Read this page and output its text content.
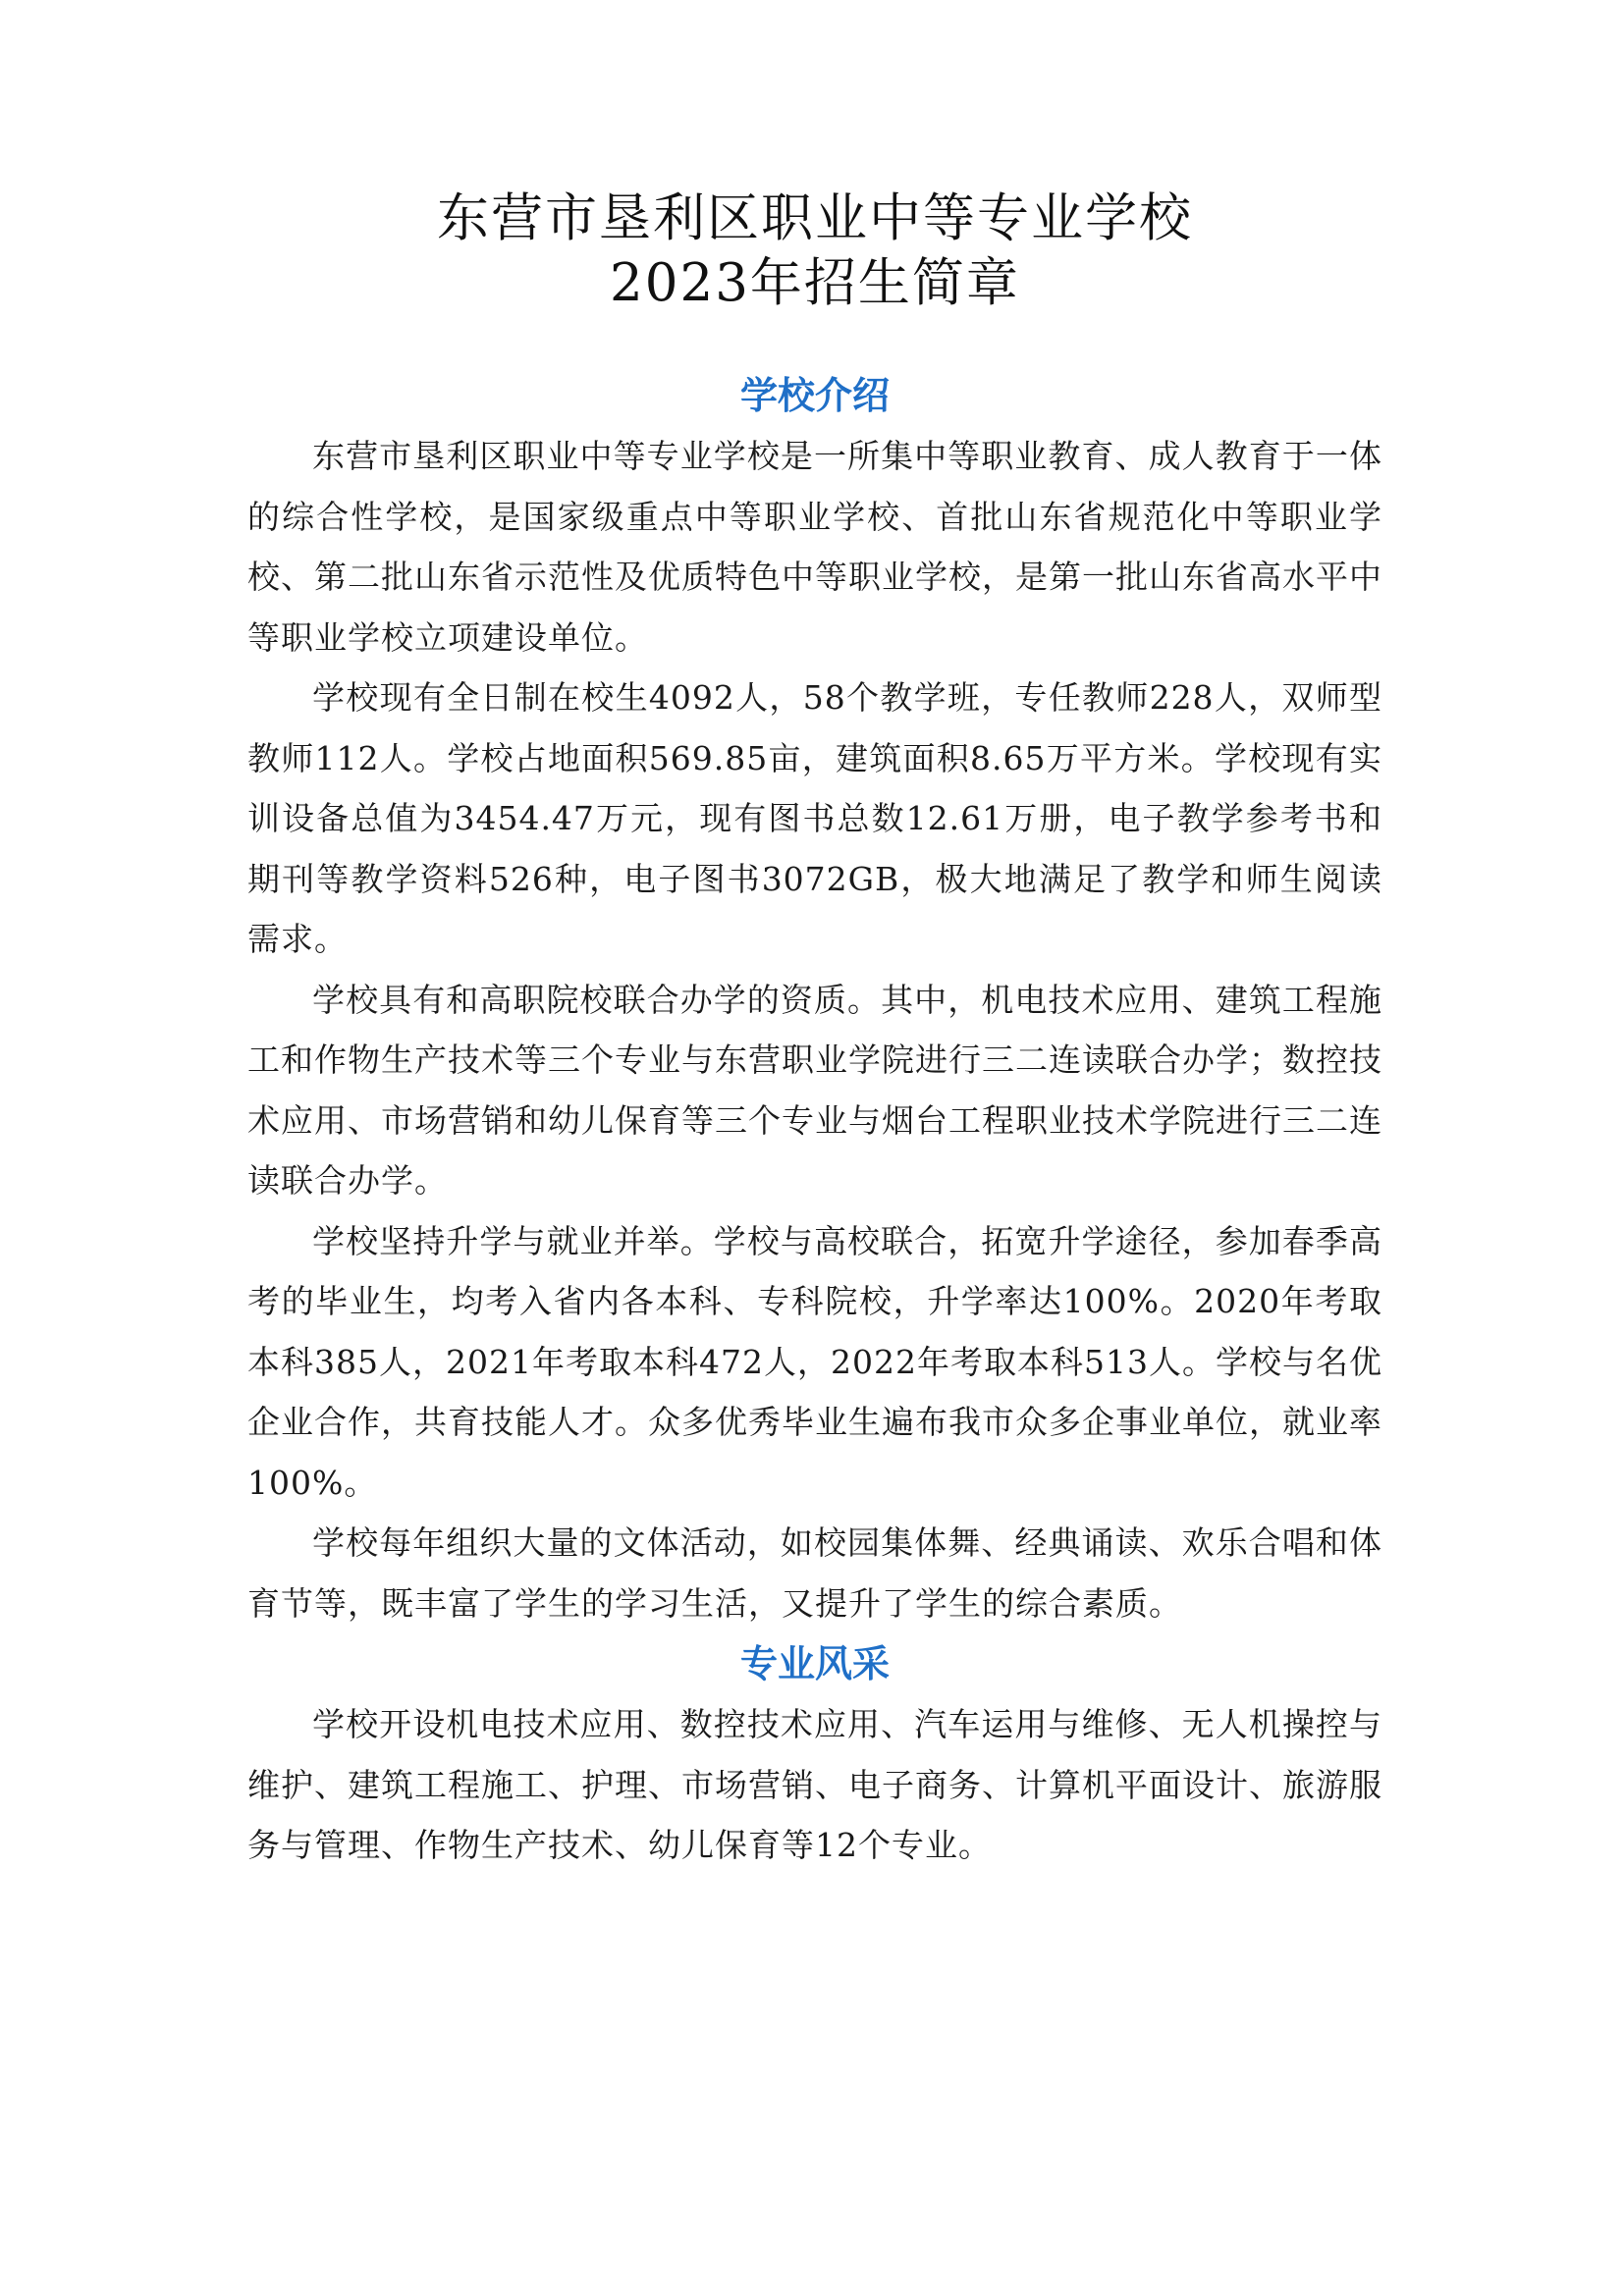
东营市垦利区职业中等专业学校
2023年招生简章
学校介绍

东营市垦利区职业中等专业学校是一所集中等职业教育、成人教育于一体的综合性学校，是国家级重点中等职业学校、首批山东省规范化中等职业学校、第二批山东省示范性及优质特色中等职业学校，是第一批山东省高水平中等职业学校立项建设单位。

学校现有全日制在校生4092人，58个教学班，专任教师228人，双师型教师112人。学校占地面积569.85亩，建筑面积8.65万平方米。学校现有实训设备总值为3454.47万元，现有图书总数12.61万册，电子教学参考书和期刊等教学资料526种，电子图书3072GB，极大地满足了教学和师生阅读需求。

学校具有和高职院校联合办学的资质。其中，机电技术应用、建筑工程施工和作物生产技术等三个专业与东营职业学院进行三二连读联合办学；数控技术应用、市场营销和幼儿保育等三个专业与烟台工程职业技术学院进行三二连读联合办学。

学校坚持升学与就业并举。学校与高校联合，拓宽升学途径，参加春季高考的毕业生，均考入省内各本科、专科院校，升学率达100%。2020年考取本科385人，2021年考取本科472人，2022年考取本科513人。学校与名优企业合作，共育技能人才。众多优秀毕业生遍布我市众多企事业单位，就业率100%。

学校每年组织大量的文体活动，如校园集体舞、经典诵读、欢乐合唱和体育节等，既丰富了学生的学习生活，又提升了学生的综合素质。

专业风采

学校开设机电技术应用、数控技术应用、汽车运用与维修、无人机操控与维护、建筑工程施工、护理、市场营销、电子商务、计算机平面设计、旅游服务与管理、作物生产技术、幼儿保育等12个专业。
